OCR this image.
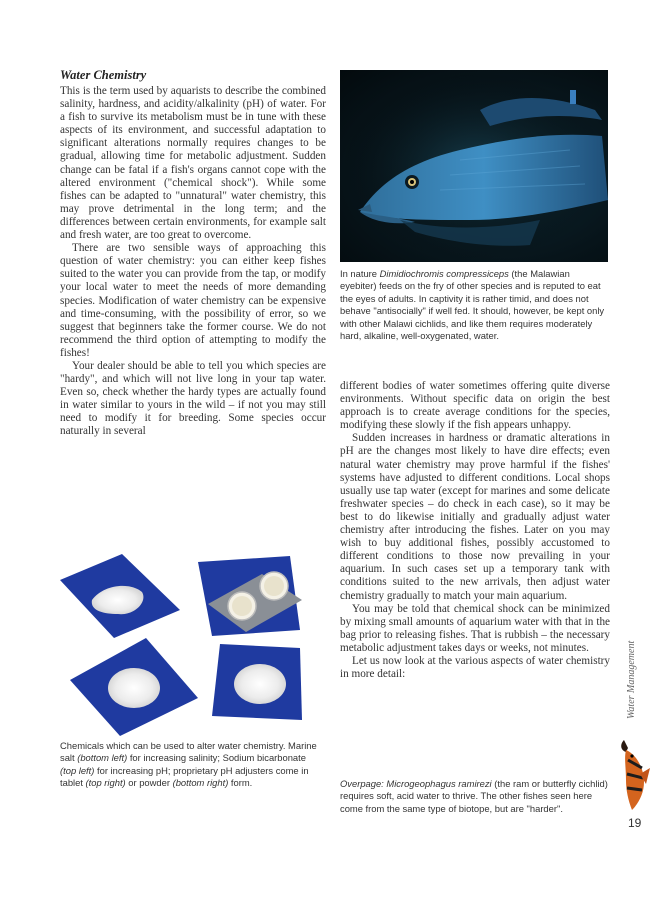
Water Chemistry

This is the term used by aquarists to describe the combined salinity, hardness, and acidity/alkalinity (pH) of water. For a fish to survive its metabolism must be in tune with these aspects of its environment, and successful adaptation to significant alterations normally requires changes to be gradual, allowing time for metabolic adjustment. Sudden change can be fatal if a fish's organs cannot cope with the altered environment ("chemical shock"). While some fishes can be adapted to "unnatural" water chemistry, this may prove detrimental in the long term; and the differences between certain environments, for example salt and fresh water, are too great to overcome.

There are two sensible ways of approaching this question of water chemistry: you can either keep fishes suited to the water you can provide from the tap, or modify your local water to meet the needs of more demanding species. Modification of water chemistry can be expensive and time-consuming, with the possibility of error, so we suggest that beginners take the former course. We do not recommend the third option of attempting to modify the fishes!

Your dealer should be able to tell you which species are "hardy", and which will not live long in your tap water. Even so, check whether the hardy types are actually found in water similar to yours in the wild – if not you may still need to modify it for breeding. Some species occur naturally in several

In nature Dimidiochromis compressiceps (the Malawian eyebiter) feeds on the fry of other species and is reputed to eat the eyes of adults. In captivity it is rather timid, and does not behave "antisocially" if well fed. It should, however, be kept only with other Malawi cichlids, and like them requires moderately hard, alkaline, well-oxygenated, water.

different bodies of water sometimes offering quite diverse environments. Without specific data on origin the best approach is to create average conditions for the species, modifying these slowly if the fish appears unhappy.

Sudden increases in hardness or dramatic alterations in pH are the changes most likely to have dire effects; even natural water chemistry may prove harmful if the fishes' systems have adjusted to different conditions. Local shops usually use tap water (except for marines and some delicate freshwater species – do check in each case), so it may be best to do likewise initially and gradually adjust water chemistry after introducing the fishes. Later on you may wish to buy additional fishes, possibly accustomed to different conditions to those now prevailing in your aquarium. In such cases set up a temporary tank with conditions suited to the new arrivals, then adjust water chemistry gradually to match your main aquarium.

You may be told that chemical shock can be minimized by mixing small amounts of aquarium water with that in the bag prior to releasing fishes. That is rubbish – the necessary metabolic adjustment takes days or weeks, not minutes.

Let us now look at the various aspects of water chemistry in more detail:

Chemicals which can be used to alter water chemistry. Marine salt (bottom left) for increasing salinity; Sodium bicarbonate (top left) for increasing pH; proprietary pH adjusters come in tablet (top right) or powder (bottom right) form.	Overpage: Microgeophagus ramirezi (the ram or butterfly cichlid) requires soft, acid water to thrive. The other fishes seen here come from the same type of biotope, but are "harder".
Water Management
19
